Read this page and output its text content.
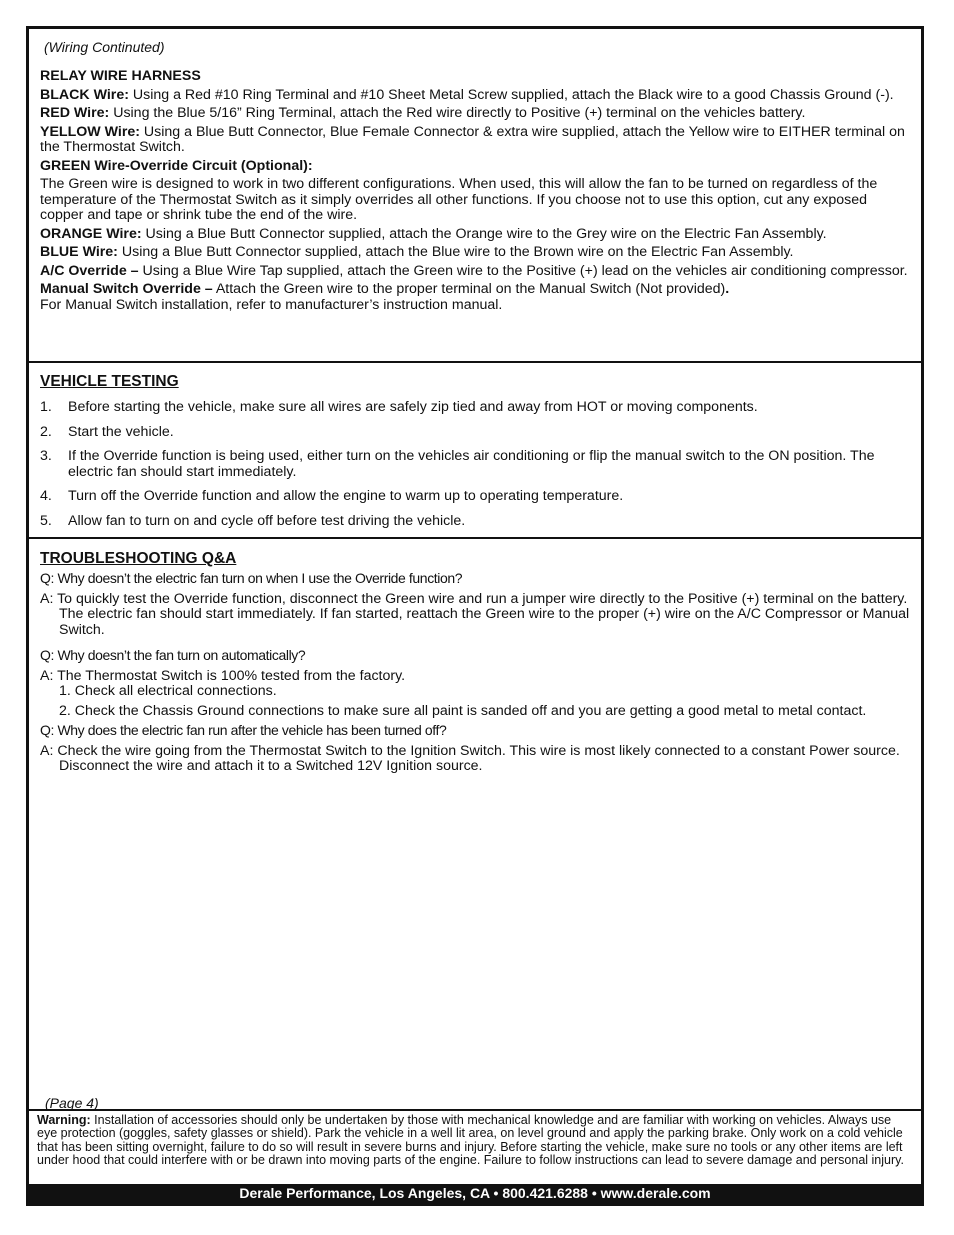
(Wiring Continuted)

RELAY WIRE HARNESS

BLACK Wire: Using a Red #10 Ring Terminal and #10 Sheet Metal Screw supplied, attach the Black wire to a good Chassis Ground (-).

RED Wire: Using the Blue 5/16” Ring Terminal, attach the Red wire directly to Positive (+) terminal on the vehicles battery.

YELLOW Wire: Using a Blue Butt Connector, Blue Female Connector & extra wire supplied, attach the Yellow wire to EITHER terminal on the Thermostat Switch.

GREEN Wire-Override Circuit (Optional):

The Green wire is designed to work in two different configurations. When used, this will allow the fan to be turned on regardless of the temperature of the Thermostat Switch as it simply overrides all other functions. If you choose not to use this option, cut any exposed copper and tape or shrink tube the end of the wire.

ORANGE Wire: Using a Blue Butt Connector supplied, attach the Orange wire to the Grey wire on the Electric Fan Assembly.

BLUE Wire: Using a Blue Butt Connector supplied, attach the Blue wire to the Brown wire on the Electric Fan Assembly.

A/C Override – Using a Blue Wire Tap supplied, attach the Green wire to the Positive (+) lead on the vehicles air conditioning compressor.

Manual Switch Override – Attach the Green wire to the proper terminal on the Manual Switch (Not provided).
For Manual Switch installation, refer to manufacturer’s instruction manual.

VEHICLE TESTING

1. Before starting the vehicle, make sure all wires are safely zip tied and away from HOT or moving components.
2. Start the vehicle.
3. If the Override function is being used, either turn on the vehicles air conditioning or flip the manual switch to the ON position. The electric fan should start immediately.
4. Turn off the Override function and allow the engine to warm up to operating temperature.
5. Allow fan to turn on and cycle off before test driving the vehicle.

TROUBLESHOOTING Q&A

Q: Why doesn’t the electric fan turn on when I use the Override function?

A: To quickly test the Override function, disconnect the Green wire and run a jumper wire directly to the Positive (+) terminal on the battery. The electric fan should start immediately. If fan started, reattach the Green wire to the proper (+) wire on the A/C Compressor or Manual Switch.

Q: Why doesn’t the fan turn on automatically?

A: The Thermostat Switch is 100% tested from the factory.

1. Check all electrical connections.

2. Check the Chassis Ground connections to make sure all paint is sanded off and you are getting a good metal to metal contact.

Q: Why does the electric fan run after the vehicle has been turned off?

A: Check the wire going from the Thermostat Switch to the Ignition Switch. This wire is most likely connected to a constant Power source. Disconnect the wire and attach it to a Switched 12V Ignition source.

(Page 4)

Warning: Installation of accessories should only be undertaken by those with mechanical knowledge and are familiar with working on vehicles. Always use eye protection (goggles, safety glasses or shield). Park the vehicle in a well lit area, on level ground and apply the parking brake. Only work on a cold vehicle that has been sitting overnight, failure to do so will result in severe burns and injury. Before starting the vehicle, make sure no tools or any other items are left under hood that could interfere with or be drawn into moving parts of the engine. Failure to follow instructions can lead to severe damage and personal injury.

Derale Performance, Los Angeles, CA • 800.421.6288 • www.derale.com
